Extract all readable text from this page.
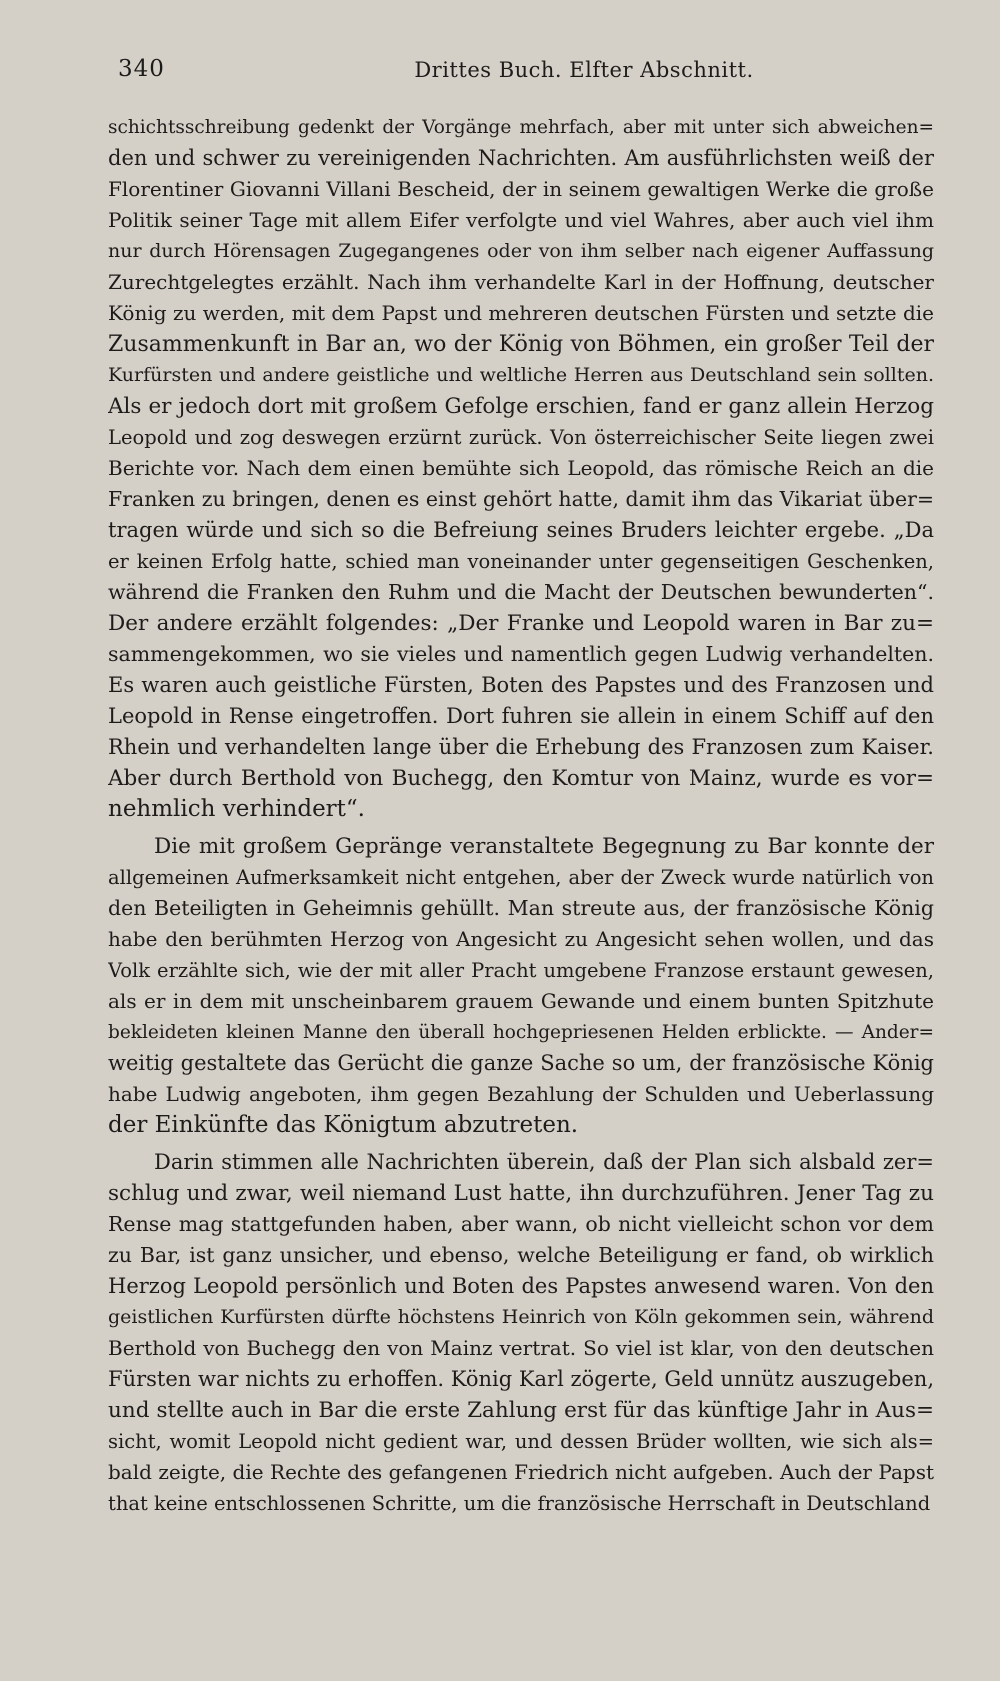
340	Drittes Buch. Elfter Abschnitt.
schichtsschreibung gedenkt der Vorgänge mehrfach, aber mit unter sich abweichen=
den und schwer zu vereinigenden Nachrichten. Am ausführlichsten weiß der
Florentiner Giovanni Villani Bescheid, der in seinem gewaltigen Werke die große
Politik seiner Tage mit allem Eifer verfolgte und viel Wahres, aber auch viel ihm
nur durch Hörensagen Zugegangenes oder von ihm selber nach eigener Auffassung
Zurechtgelegtes erzählt. Nach ihm verhandelte Karl in der Hoffnung, deutscher
König zu werden, mit dem Papst und mehreren deutschen Fürsten und setzte die
Zusammenkunft in Bar an, wo der König von Böhmen, ein großer Teil der
Kurfürsten und andere geistliche und weltliche Herren aus Deutschland sein sollten.
Als er jedoch dort mit großem Gefolge erschien, fand er ganz allein Herzog
Leopold und zog deswegen erzürnt zurück. Von österreichischer Seite liegen zwei
Berichte vor. Nach dem einen bemühte sich Leopold, das römische Reich an die
Franken zu bringen, denen es einst gehört hatte, damit ihm das Vikariat über=
tragen würde und sich so die Befreiung seines Bruders leichter ergebe. „Da
er keinen Erfolg hatte, schied man voneinander unter gegenseitigen Geschenken,
während die Franken den Ruhm und die Macht der Deutschen bewunderten“.
Der andere erzählt folgendes: „Der Franke und Leopold waren in Bar zu=
sammengekommen, wo sie vieles und namentlich gegen Ludwig verhandelten.
Es waren auch geistliche Fürsten, Boten des Papstes und des Franzosen und
Leopold in Rense eingetroffen. Dort fuhren sie allein in einem Schiff auf den
Rhein und verhandelten lange über die Erhebung des Franzosen zum Kaiser.
Aber durch Berthold von Buchegg, den Komtur von Mainz, wurde es vor=
nehmlich verhindert“.
Die mit großem Gepränge veranstaltete Begegnung zu Bar konnte der
allgemeinen Aufmerksamkeit nicht entgehen, aber der Zweck wurde natürlich von
den Beteiligten in Geheimnis gehüllt. Man streute aus, der französische König
habe den berühmten Herzog von Angesicht zu Angesicht sehen wollen, und das
Volk erzählte sich, wie der mit aller Pracht umgebene Franzose erstaunt gewesen,
als er in dem mit unscheinbarem grauem Gewande und einem bunten Spitzhute
bekleideten kleinen Manne den überall hochgepriesenen Helden erblickte. — Ander=
weitig gestaltete das Gerücht die ganze Sache so um, der französische König
habe Ludwig angeboten, ihm gegen Bezahlung der Schulden und Ueberlassung
der Einkünfte das Königtum abzutreten.
Darin stimmen alle Nachrichten überein, daß der Plan sich alsbald zer=
schlug und zwar, weil niemand Lust hatte, ihn durchzuführen. Jener Tag zu
Rense mag stattgefunden haben, aber wann, ob nicht vielleicht schon vor dem
zu Bar, ist ganz unsicher, und ebenso, welche Beteiligung er fand, ob wirklich
Herzog Leopold persönlich und Boten des Papstes anwesend waren. Von den
geistlichen Kurfürsten dürfte höchstens Heinrich von Köln gekommen sein, während
Berthold von Buchegg den von Mainz vertrat. So viel ist klar, von den deutschen
Fürsten war nichts zu erhoffen. König Karl zögerte, Geld unnütz auszugeben,
und stellte auch in Bar die erste Zahlung erst für das künftige Jahr in Aus=
sicht, womit Leopold nicht gedient war, und dessen Brüder wollten, wie sich als=
bald zeigte, die Rechte des gefangenen Friedrich nicht aufgeben. Auch der Papst
that keine entschlossenen Schritte, um die französische Herrschaft in Deutschland
